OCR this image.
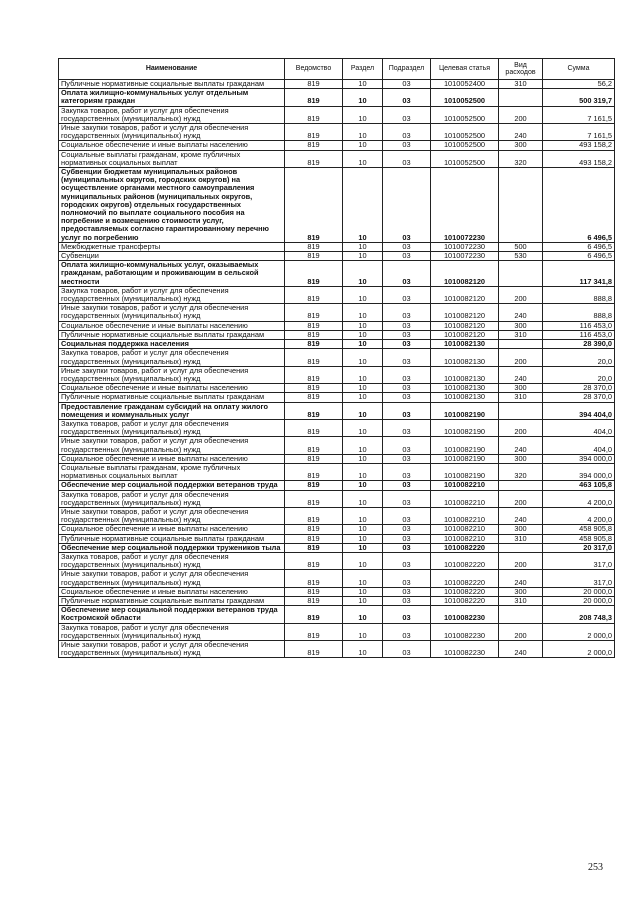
Наименование	Ведомство	Раздел	Подраздел	Целевая статья	Вид расходов	Сумма
Публичные нормативные социальные выплаты гражданам	819	10	03	1010052400	310	56,2
Оплата жилищно-коммунальных услуг отдельным категориям граждан	819	10	03	1010052500		500 319,7
Закупка товаров, работ и услуг для обеспечения государственных (муниципальных) нужд	819	10	03	1010052500	200	7 161,5
Иные закупки товаров, работ и услуг для обеспечения государственных (муниципальных) нужд	819	10	03	1010052500	240	7 161,5
Социальное обеспечение и иные выплаты населению	819	10	03	1010052500	300	493 158,2
Социальные выплаты гражданам, кроме публичных нормативных социальных выплат	819	10	03	1010052500	320	493 158,2
Субвенции бюджетам муниципальных районов (муниципальных округов, городских округов) на осуществление органами местного самоуправления муниципальных районов (муниципальных округов, городских округов) отдельных государственных полномочий по выплате социального пособия на погребение и возмещению стоимости услуг, предоставляемых согласно гарантированному перечню услуг по погребению	819	10	03	1010072230		6 496,5
Межбюджетные трансферты	819	10	03	1010072230	500	6 496,5
Субвенции	819	10	03	1010072230	530	6 496,5
Оплата жилищно-коммунальных услуг, оказываемых гражданам, работающим и проживающим в сельской местности	819	10	03	1010082120		117 341,8
Закупка товаров, работ и услуг для обеспечения государственных (муниципальных) нужд	819	10	03	1010082120	200	888,8
Иные закупки товаров, работ и услуг для обеспечения государственных (муниципальных) нужд	819	10	03	1010082120	240	888,8
Социальное обеспечение и иные выплаты населению	819	10	03	1010082120	300	116 453,0
Публичные нормативные социальные выплаты гражданам	819	10	03	1010082120	310	116 453,0
Социальная поддержка населения	819	10	03	1010082130		28 390,0
Закупка товаров, работ и услуг для обеспечения государственных (муниципальных) нужд	819	10	03	1010082130	200	20,0
Иные закупки товаров, работ и услуг для обеспечения государственных (муниципальных) нужд	819	10	03	1010082130	240	20,0
Социальное обеспечение и иные выплаты населению	819	10	03	1010082130	300	28 370,0
Публичные нормативные социальные выплаты гражданам	819	10	03	1010082130	310	28 370,0
Предоставление гражданам субсидий на оплату жилого помещения и коммунальных услуг	819	10	03	1010082190		394 404,0
Закупка товаров, работ и услуг для обеспечения государственных (муниципальных) нужд	819	10	03	1010082190	200	404,0
Иные закупки товаров, работ и услуг для обеспечения государственных (муниципальных) нужд	819	10	03	1010082190	240	404,0
Социальное обеспечение и иные выплаты населению	819	10	03	1010082190	300	394 000,0
Социальные выплаты гражданам, кроме публичных нормативных социальных выплат	819	10	03	1010082190	320	394 000,0
Обеспечение мер социальной поддержки ветеранов труда	819	10	03	1010082210		463 105,8
Закупка товаров, работ и услуг для обеспечения государственных (муниципальных) нужд	819	10	03	1010082210	200	4 200,0
Иные закупки товаров, работ и услуг для обеспечения государственных (муниципальных) нужд	819	10	03	1010082210	240	4 200,0
Социальное обеспечение и иные выплаты населению	819	10	03	1010082210	300	458 905,8
Публичные нормативные социальные выплаты гражданам	819	10	03	1010082210	310	458 905,8
Обеспечение мер социальной поддержки тружеников тыла	819	10	03	1010082220		20 317,0
Закупка товаров, работ и услуг для обеспечения государственных (муниципальных) нужд	819	10	03	1010082220	200	317,0
Иные закупки товаров, работ и услуг для обеспечения государственных (муниципальных) нужд	819	10	03	1010082220	240	317,0
Социальное обеспечение и иные выплаты населению	819	10	03	1010082220	300	20 000,0
Публичные нормативные социальные выплаты гражданам	819	10	03	1010082220	310	20 000,0
Обеспечение мер социальной поддержки ветеранов труда Костромской области	819	10	03	1010082230		208 748,3
Закупка товаров, работ и услуг для обеспечения государственных (муниципальных) нужд	819	10	03	1010082230	200	2 000,0
Иные закупки товаров, работ и услуг для обеспечения государственных (муниципальных) нужд	819	10	03	1010082230	240	2 000,0
253
